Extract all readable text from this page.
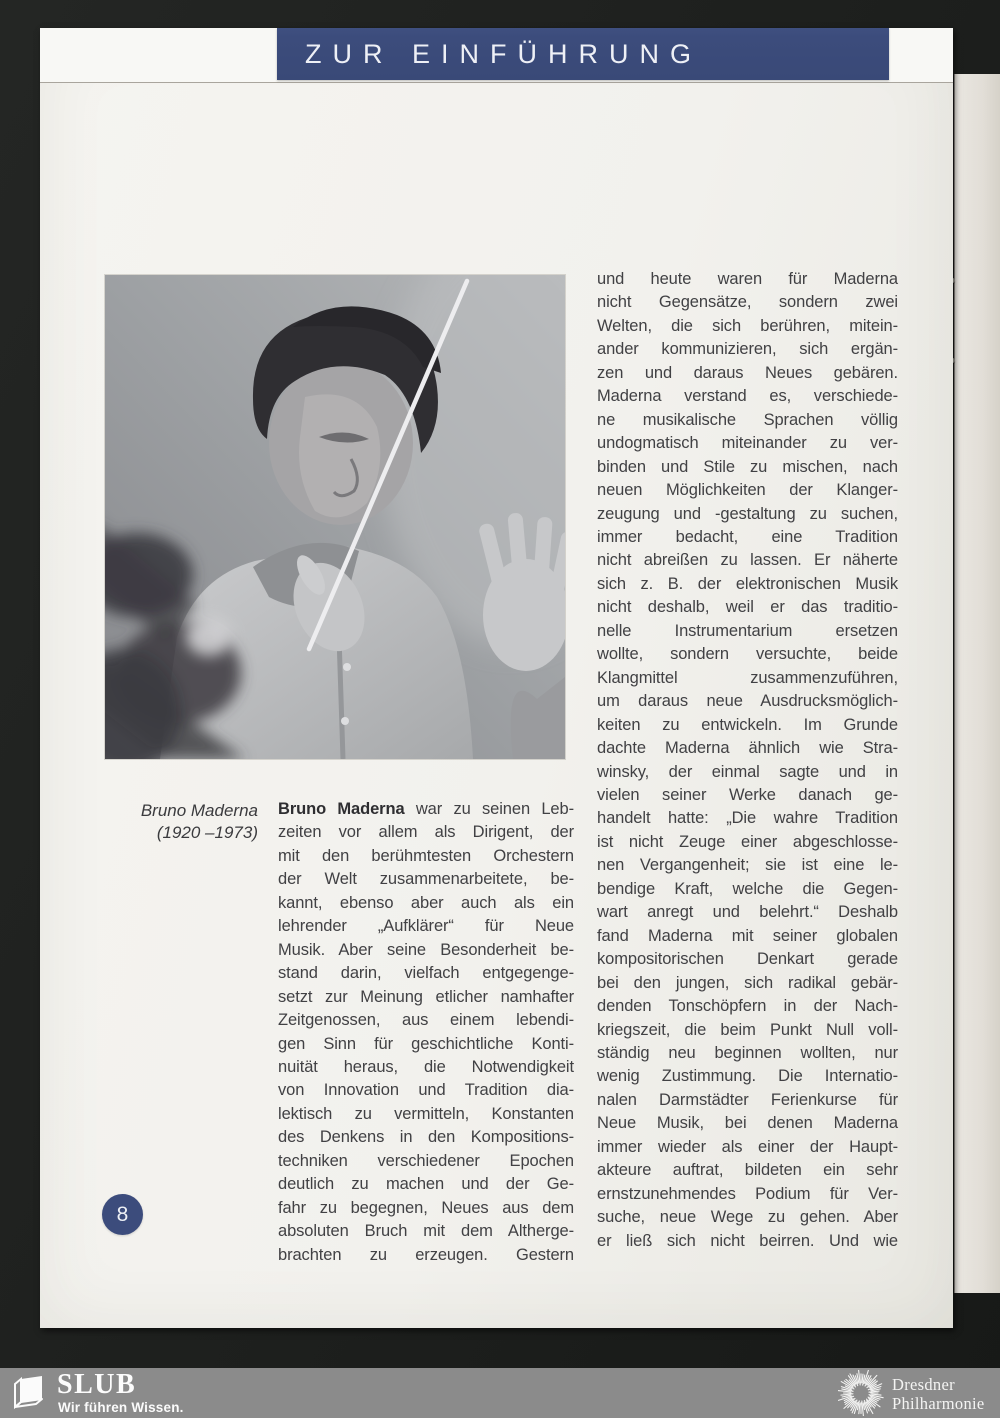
ZUR EINFÜHRUNG
Bruno Maderna
(1920 –1973)
Bruno Maderna war zu seinen Leb-
zeiten vor allem als Dirigent, der
mit den berühmtesten Orchestern
der Welt zusammenarbeitete, be-
kannt, ebenso aber auch als ein
lehrender „Aufklärer“ für Neue
Musik. Aber seine Besonderheit be-
stand darin, vielfach entgegenge-
setzt zur Meinung etlicher namhafter
Zeitgenossen, aus einem lebendi-
gen Sinn für geschichtliche Konti-
nuität heraus, die Notwendigkeit
von Innovation und Tradition dia-
lektisch zu vermitteln, Konstanten
des Denkens in den Kompositions-
techniken verschiedener Epochen
deutlich zu machen und der Ge-
fahr zu begegnen, Neues aus dem
absoluten Bruch mit dem Altherge-
brachten zu erzeugen. Gestern
und heute waren für Maderna
nicht Gegensätze, sondern zwei
Welten, die sich berühren, mitein-
ander kommunizieren, sich ergän-
zen und daraus Neues gebären.
Maderna verstand es, verschiede-
ne musikalische Sprachen völlig
undogmatisch miteinander zu ver-
binden und Stile zu mischen, nach
neuen Möglichkeiten der Klanger-
zeugung und -gestaltung zu suchen,
immer bedacht, eine Tradition
nicht abreißen zu lassen. Er näherte
sich z. B. der elektronischen Musik
nicht deshalb, weil er das traditio-
nelle Instrumentarium ersetzen
wollte, sondern versuchte, beide
Klangmittel zusammenzuführen,
um daraus neue Ausdrucksmöglich-
keiten zu entwickeln. Im Grunde
dachte Maderna ähnlich wie Stra-
winsky, der einmal sagte und in
vielen seiner Werke danach ge-
handelt hatte: „Die wahre Tradition
ist nicht Zeuge einer abgeschlosse-
nen Vergangenheit; sie ist eine le-
bendige Kraft, welche die Gegen-
wart anregt und belehrt.“ Deshalb
fand Maderna mit seiner globalen
kompositorischen Denkart gerade
bei den jungen, sich radikal gebär-
denden Tonschöpfern in der Nach-
kriegszeit, die beim Punkt Null voll-
ständig neu beginnen wollten, nur
wenig Zustimmung. Die Internatio-
nalen Darmstädter Ferienkurse für
Neue Musik, bei denen Maderna
immer wieder als einer der Haupt-
akteure auftrat, bildeten ein sehr
ernstzunehmendes Podium für Ver-
suche, neue Wege zu gehen. Aber
er ließ sich nicht beirren. Und wie
8
SLUB
Wir führen Wissen.
Dresdner
Philharmonie
